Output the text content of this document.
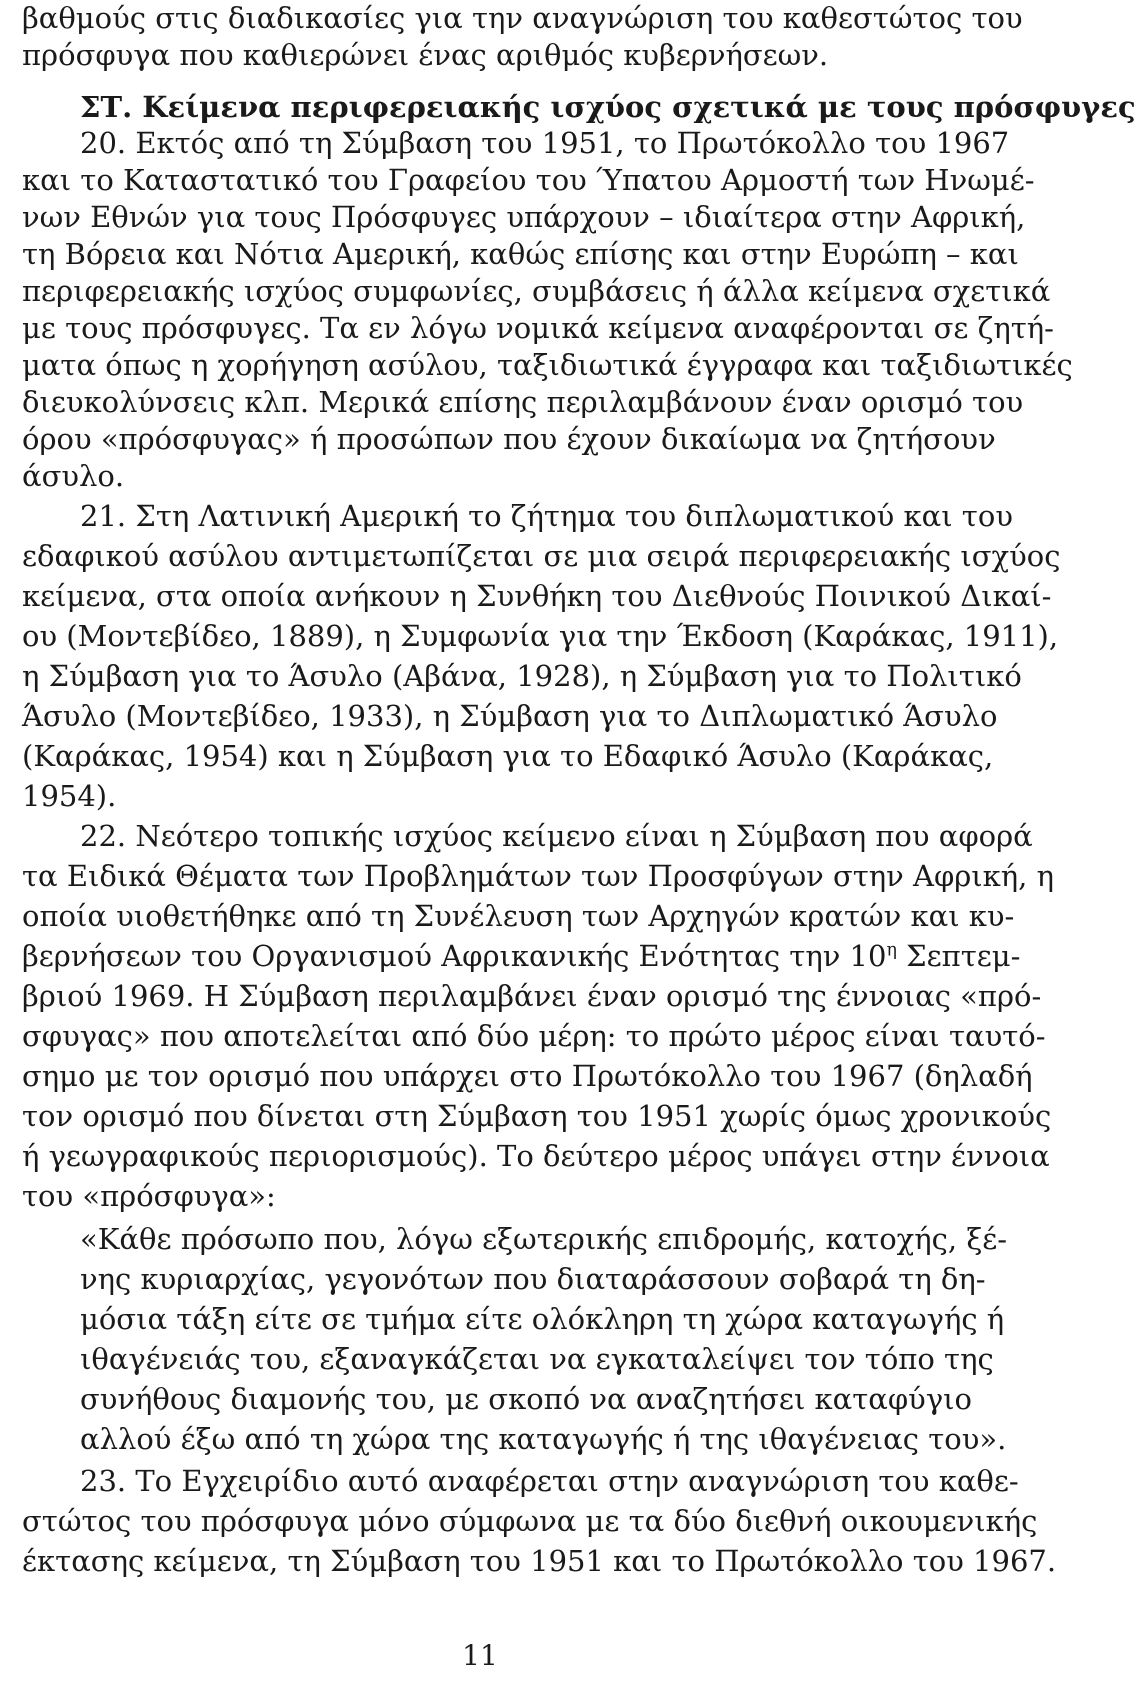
βαθμούς στις διαδικασίες για την αναγνώριση του καθεστώτος του
πρόσφυγα που καθιερώνει ένας αριθμός κυβερνήσεων.
ΣΤ. Κείμενα περιφερειακής ισχύος σχετικά με τους πρόσφυγες
20. Εκτός από τη Σύμβαση του 1951, το Πρωτόκολλο του 1967
και το Καταστατικό του Γραφείου του Ύπατου Αρμοστή των Ηνωμέ-
νων Εθνών για τους Πρόσφυγες υπάρχουν – ιδιαίτερα στην Αφρική,
τη Βόρεια και Νότια Αμερική, καθώς επίσης και στην Ευρώπη – και
περιφερειακής ισχύος συμφωνίες, συμβάσεις ή άλλα κείμενα σχετικά
με τους πρόσφυγες. Τα εν λόγω νομικά κείμενα αναφέρονται σε ζητή-
ματα όπως η χορήγηση ασύλου, ταξιδιωτικά έγγραφα και ταξιδιωτικές
διευκολύνσεις κλπ. Μερικά επίσης περιλαμβάνουν έναν ορισμό του
όρου «πρόσφυγας» ή προσώπων που έχουν δικαίωμα να ζητήσουν
άσυλο.
21. Στη Λατινική Αμερική το ζήτημα του διπλωματικού και του
εδαφικού ασύλου αντιμετωπίζεται σε μια σειρά περιφερειακής ισχύος
κείμενα, στα οποία ανήκουν η Συνθήκη του Διεθνούς Ποινικού Δικαί-
ου (Μοντεβίδεο, 1889), η Συμφωνία για την Έκδοση (Καράκας, 1911),
η Σύμβαση για το Άσυλο (Αβάνα, 1928), η Σύμβαση για το Πολιτικό
Άσυλο (Μοντεβίδεο, 1933), η Σύμβαση για το Διπλωματικό Άσυλο
(Καράκας, 1954) και η Σύμβαση για το Εδαφικό Άσυλο (Καράκας,
1954).
22. Νεότερο τοπικής ισχύος κείμενο είναι η Σύμβαση που αφορά
τα Ειδικά Θέματα των Προβλημάτων των Προσφύγων στην Αφρική, η
οποία υιοθετήθηκε από τη Συνέλευση των Αρχηγών κρατών και κυ-
βερνήσεων του Οργανισμού Αφρικανικής Ενότητας την $10^\eta$ Σεπτεμ-
βριού 1969. Η Σύμβαση περιλαμβάνει έναν ορισμό της έννοιας «πρό-
σφυγας» που αποτελείται από δύο μέρη: το πρώτο μέρος είναι ταυτό-
σημο με τον ορισμό που υπάρχει στο Πρωτόκολλο του 1967 (δηλαδή
τον ορισμό που δίνεται στη Σύμβαση του 1951 χωρίς όμως χρονικούς
ή γεωγραφικούς περιορισμούς). Το δεύτερο μέρος υπάγει στην έννοια
του «πρόσφυγα»:
«Κάθε πρόσωπο που, λόγω εξωτερικής επιδρομής, κατοχής, ξέ-
νης κυριαρχίας, γεγονότων που διαταράσσουν σοβαρά τη δη-
μόσια τάξη είτε σε τμήμα είτε ολόκληρη τη χώρα καταγωγής ή
ιθαγένειάς του, εξαναγκάζεται να εγκαταλείψει τον τόπο της
συνήθους διαμονής του, με σκοπό να αναζητήσει καταφύγιο
αλλού έξω από τη χώρα της καταγωγής ή της ιθαγένειας του».
23. Το Εγχειρίδιο αυτό αναφέρεται στην αναγνώριση του καθε-
στώτος του πρόσφυγα μόνο σύμφωνα με τα δύο διεθνή οικουμενικής
έκτασης κείμενα, τη Σύμβαση του 1951 και το Πρωτόκολλο του 1967.
11
